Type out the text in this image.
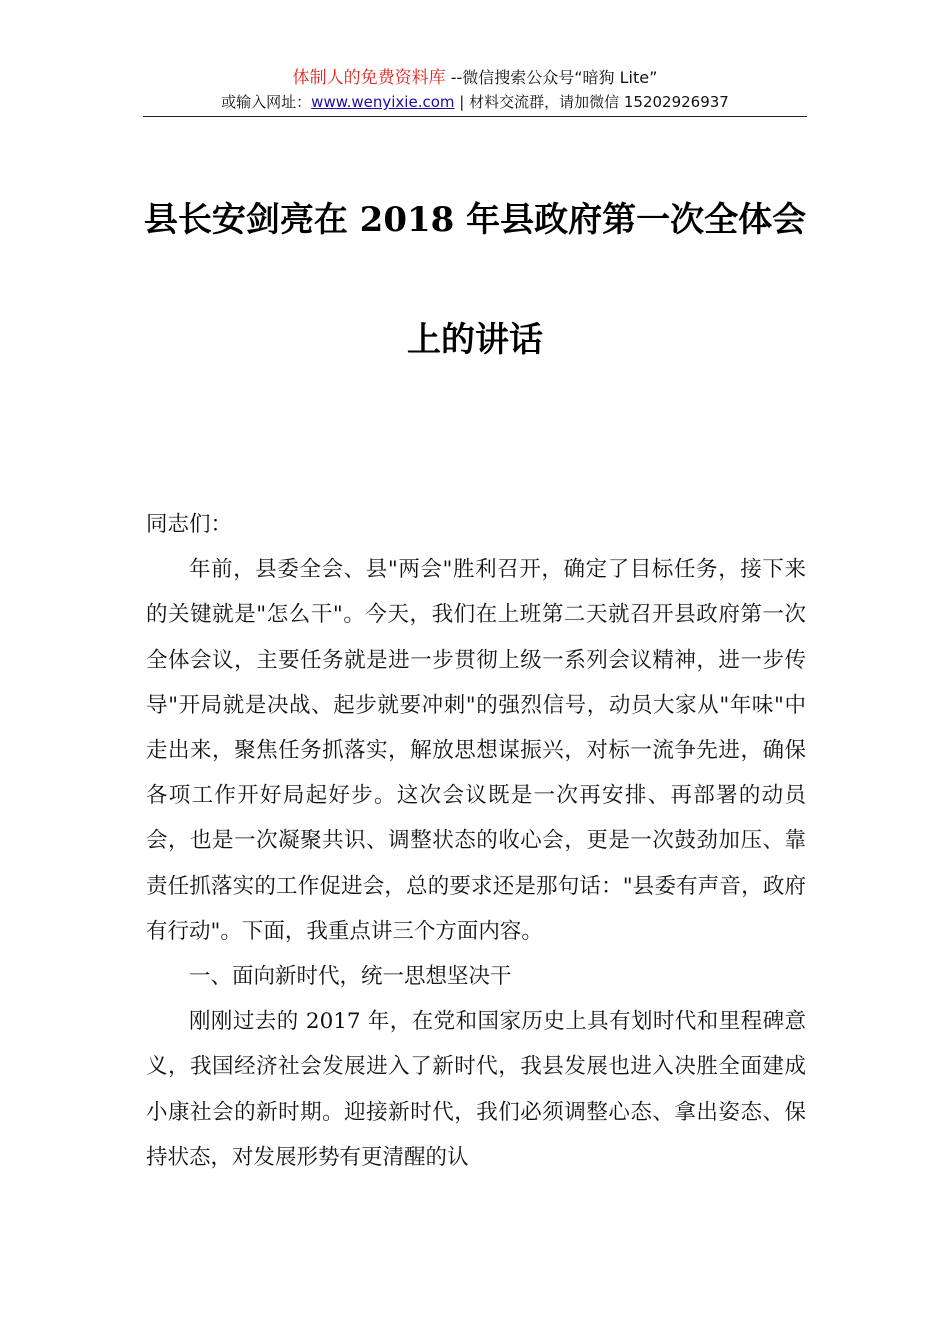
体制人的免费资料库 --微信搜索公众号“暗狗 Lite”
或输入网址：www.wenyixie.com | 材料交流群，请加微信 15202926937
县长安剑亮在 2018 年县政府第一次全体会
上的讲话

同志们：

年前，县委全会、县"两会"胜利召开，确定了目标任务，接下来的关键就是"怎么干"。今天，我们在上班第二天就召开县政府第一次全体会议，主要任务就是进一步贯彻上级一系列会议精神，进一步传导"开局就是决战、起步就要冲刺"的强烈信号，动员大家从"年味"中走出来，聚焦任务抓落实，解放思想谋振兴，对标一流争先进，确保各项工作开好局起好步。这次会议既是一次再安排、再部署的动员会，也是一次凝聚共识、调整状态的收心会，更是一次鼓劲加压、靠责任抓落实的工作促进会，总的要求还是那句话："县委有声音，政府有行动"。下面，我重点讲三个方面内容。

一、面向新时代，统一思想坚决干

刚刚过去的 2017 年，在党和国家历史上具有划时代和里程碑意义，我国经济社会发展进入了新时代，我县发展也进入决胜全面建成小康社会的新时期。迎接新时代，我们必须调整心态、拿出姿态、保持状态，对发展形势有更清醒的认
